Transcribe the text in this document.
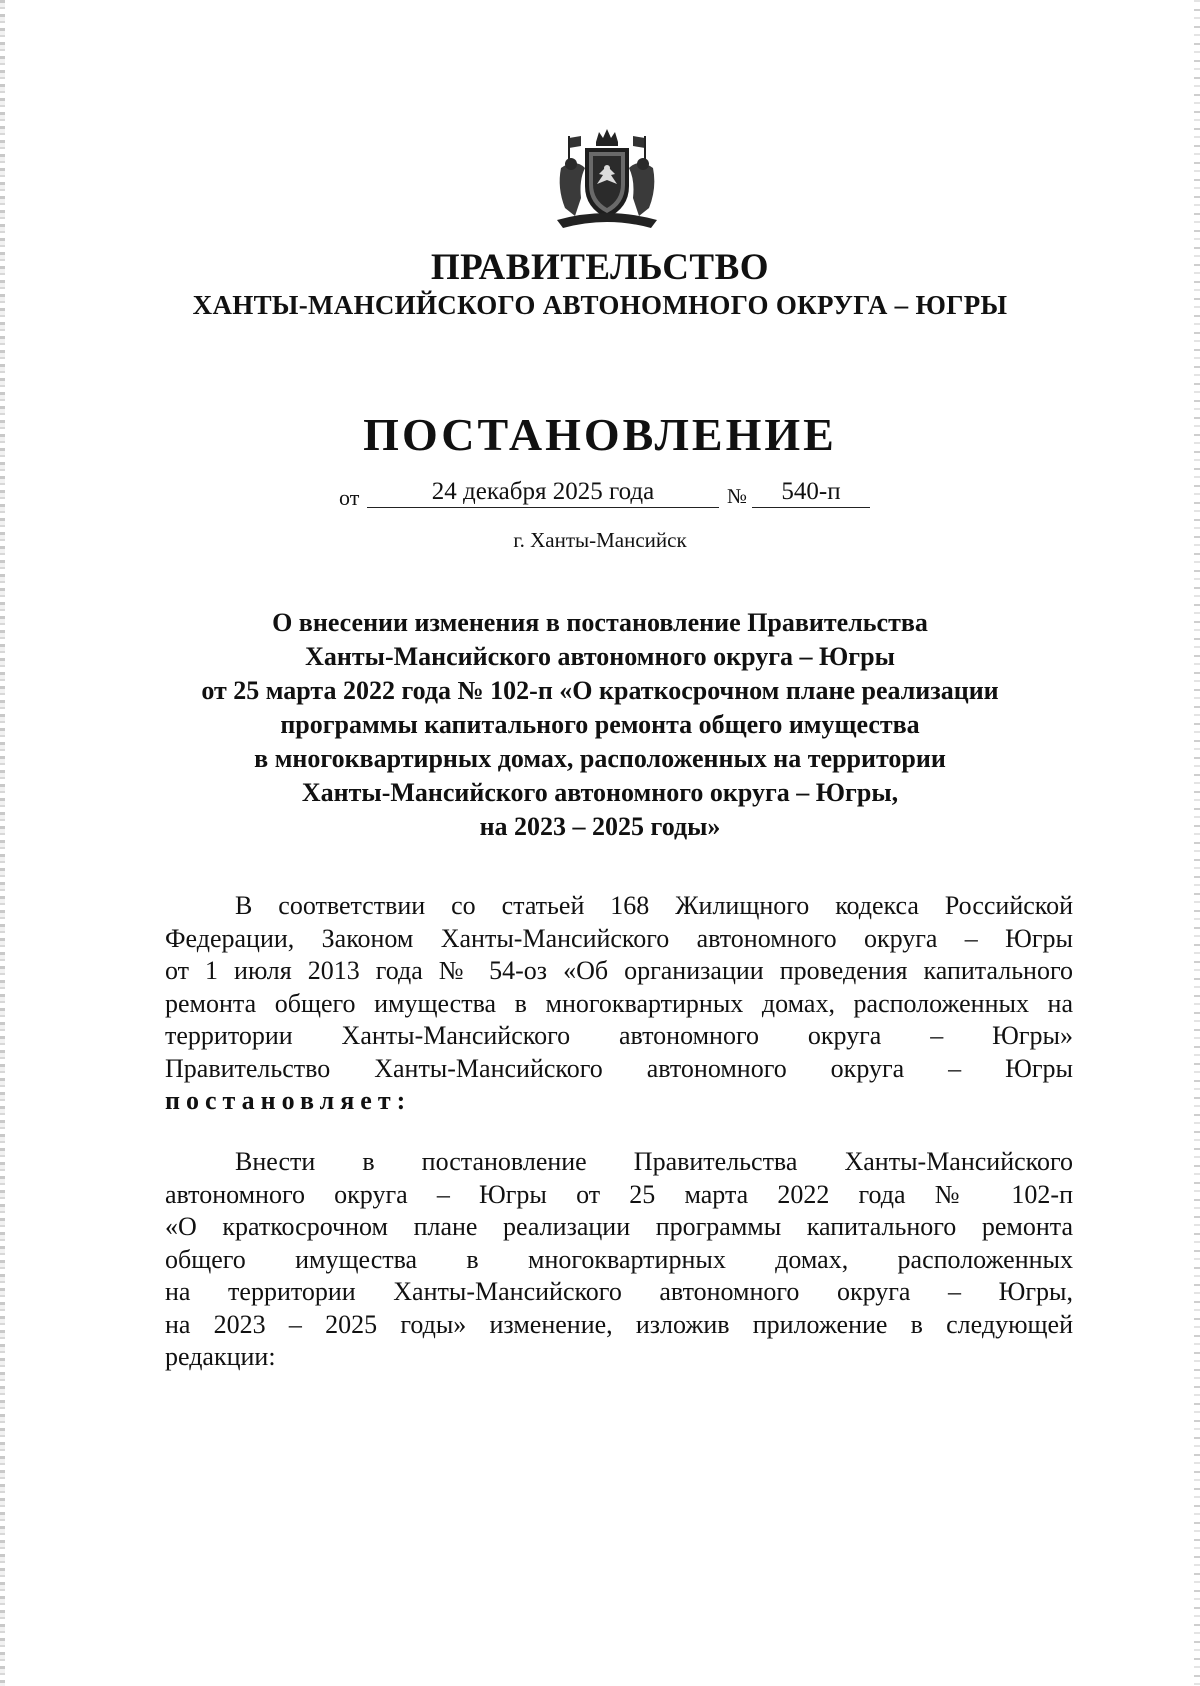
ПРАВИТЕЛЬСТВО
ХАНТЫ-МАНСИЙСКОГО АВТОНОМНОГО ОКРУГА – ЮГРЫ
ПОСТАНОВЛЕНИЕ
от	24 декабря 2025 года	№	540-п
г. Ханты-Мансийск
О внесении изменения в постановление Правительства
Ханты-Мансийского автономного округа – Югры
от 25 марта 2022 года № 102-п «О краткосрочном плане реализации
программы капитального ремонта общего имущества
в многоквартирных домах, расположенных на территории
Ханты-Мансийского автономного округа – Югры,
на 2023 – 2025 годы»
В соответствии со статьей 168 Жилищного кодекса Российской
Федерации, Законом Ханты-Мансийского автономного округа – Югры
от 1 июля 2013 года № 54-оз «Об организации проведения капитального
ремонта общего имущества в многоквартирных домах, расположенных на
территории Ханты-Мансийского автономного округа – Югры»
Правительство Ханты-Мансийского автономного округа – Югры
постановляет:
Внести в постановление Правительства Ханты-Мансийского
автономного округа – Югры от 25 марта 2022 года № 102-п
«О краткосрочном плане реализации программы капитального ремонта
общего имущества в многоквартирных домах, расположенных
на территории Ханты-Мансийского автономного округа – Югры,
на 2023 – 2025 годы» изменение, изложив приложение в следующей
редакции:
